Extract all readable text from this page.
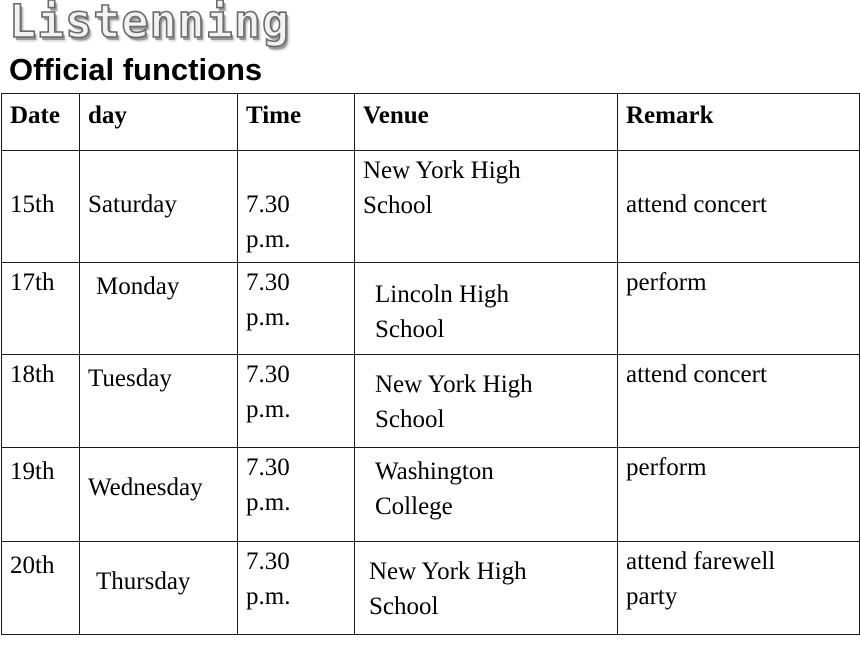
Listenning
Official functions
Date	day	Time	Venue	Remark

15th	Saturday	7.30 p.m.	New York High School	attend concert

17th	Monday	7.30 p.m.	Lincoln High School	perform

18th	Tuesday	7.30 p.m.	New York High School	attend concert

19th	Wednesday	7.30 p.m.	Washington College	perform

20th	Thursday	7.30 p.m.	New York High School	attend farewell party
